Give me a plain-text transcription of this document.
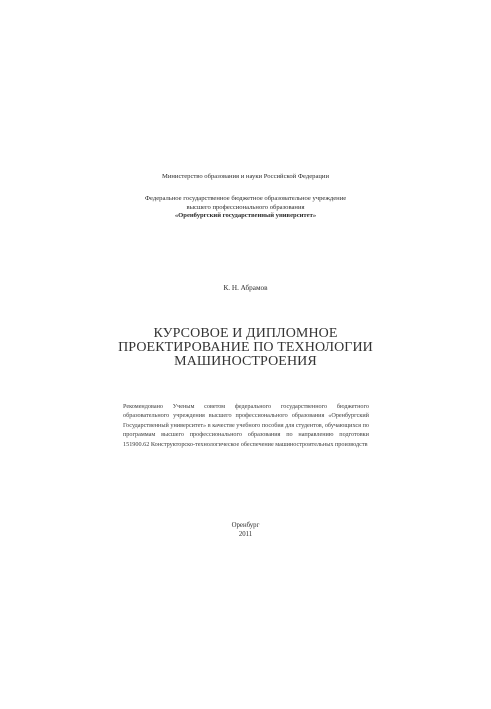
Министерство образования и науки Российской Федерации
Федеральное государственное бюджетное образовательное учреждение
высшего профессионального образования
«Оренбургский государственный университет»
К. Н. Абрамов
КУРСОВОЕ И ДИПЛОМНОЕ
ПРОЕКТИРОВАНИЕ ПО ТЕХНОЛОГИИ
МАШИНОСТРОЕНИЯ
Рекомендовано Ученым советом федерального государственного бюджетного образовательного учреждения высшего профессионального образования «Оренбургский Государственный университет» в качестве учебного пособия для студентов, обучающихся по программам высшего профессионального образования по направлению подготовки 151900.62 Конструкторско-технологическое обеспечение машиностроительных производств
Оренбург
2011
